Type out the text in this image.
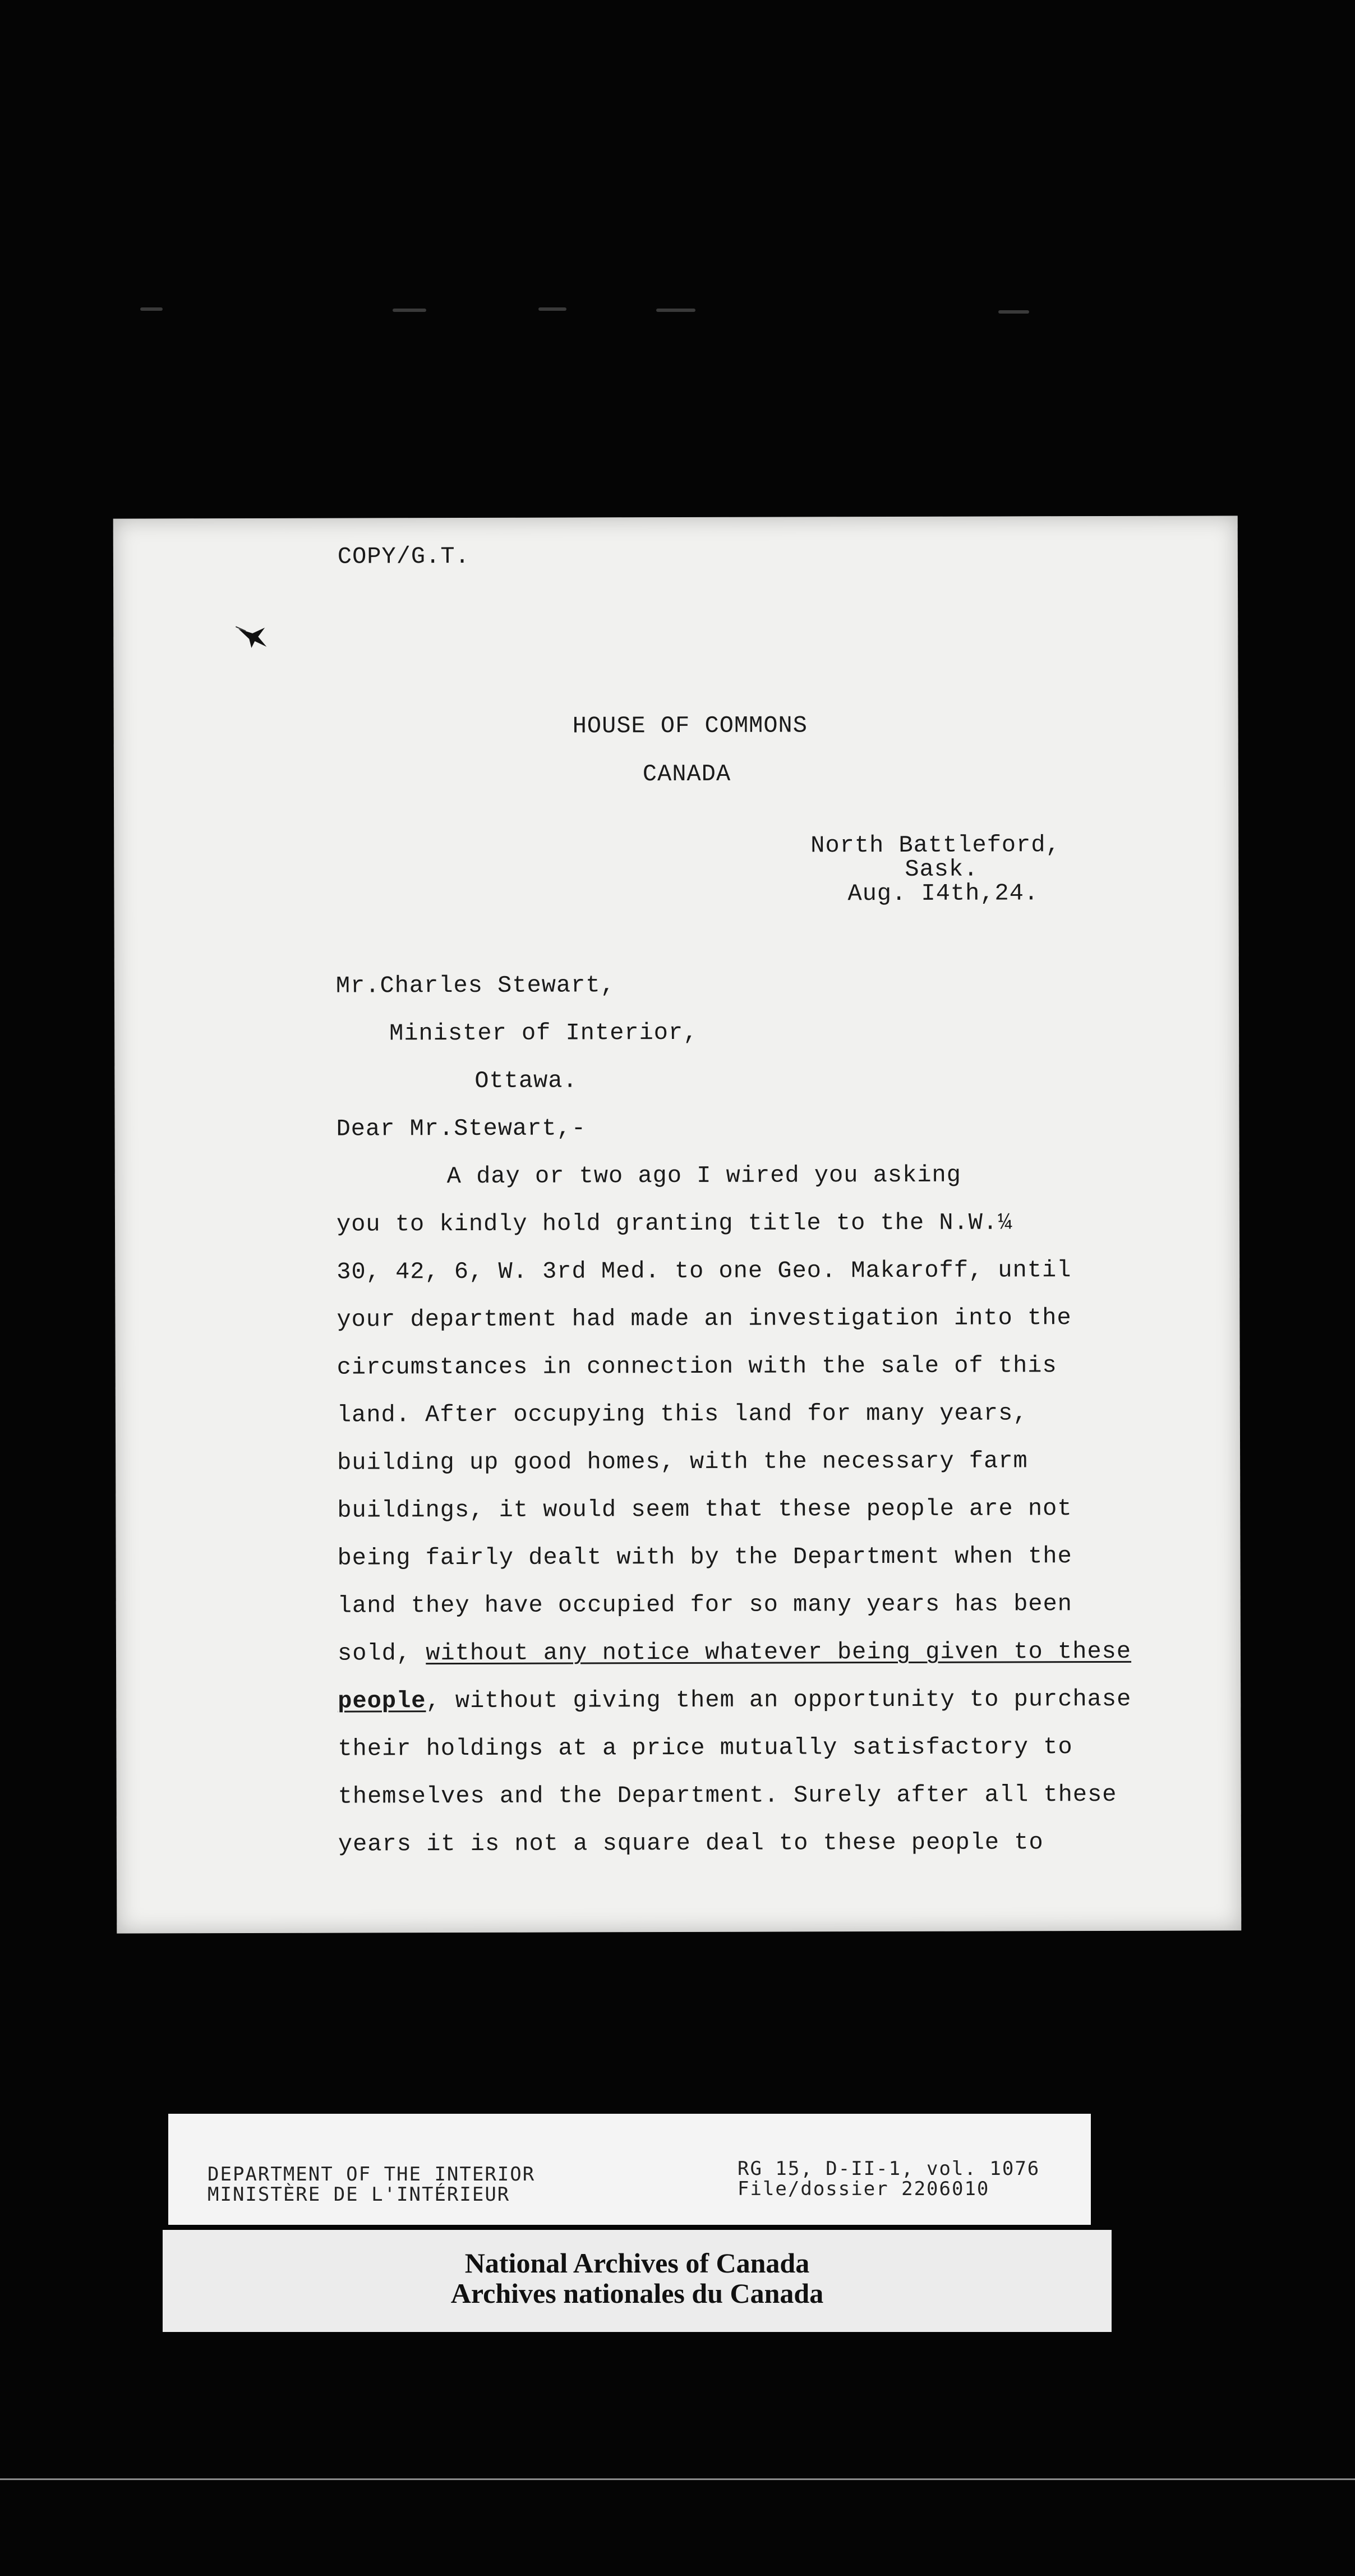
COPY/G.T.
HOUSE OF COMMONS
CANADA
North Battleford,
Sask.
Aug. I4th,24.
Mr.Charles Stewart,
Minister of Interior,
Ottawa.
Dear Mr.Stewart,-
A day or two ago I wired you asking
you to kindly hold granting title to the N.W.¼
30, 42, 6, W. 3rd Med. to one Geo. Makaroff, until
your department had made an investigation into the
circumstances in connection with the sale of this
land. After occupying this land for many years,
building up good homes, with the necessary farm
buildings, it would seem that these people are not
being fairly dealt with by the Department when the
land they have occupied for so many years has been
sold, without any notice whatever being given to these
people, without giving them an opportunity to purchase
their holdings at a price mutually satisfactory to
themselves and the Department. Surely after all these
years it is not a square deal to these people to
DEPARTMENT OF THE INTERIOR
MINISTÈRE DE L'INTÉRIEUR
RG 15, D-II-1, vol. 1076
File/dossier 2206010
National Archives of Canada
Archives nationales du Canada
